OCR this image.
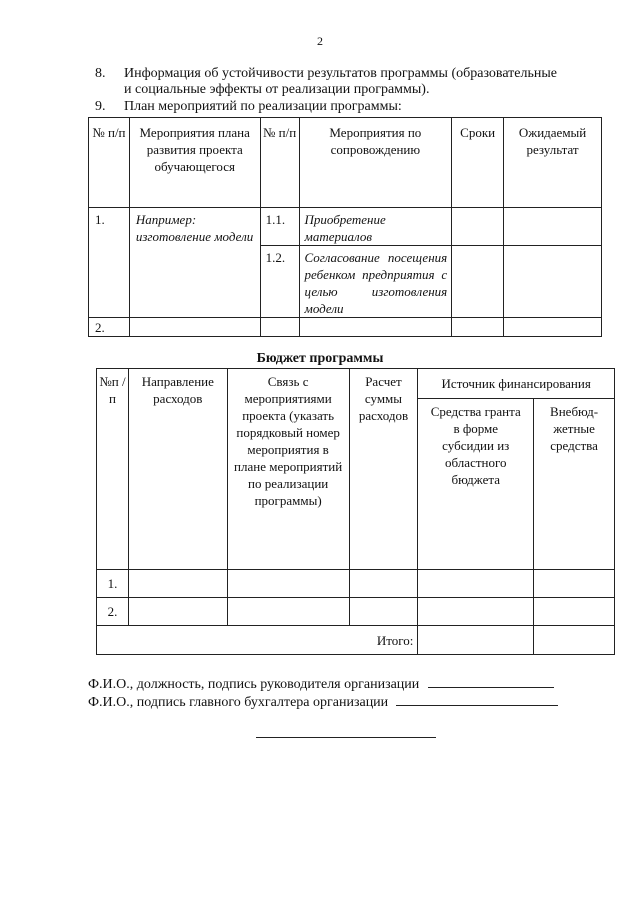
2
8. Информация об устойчивости результатов программы (образовательные
и социальные эффекты от реализации программы).
9. План мероприятий по реализации программы:
№ п/п	Мероприятия плана развития проекта обучающегося	№ п/п	Мероприятия по сопровождению	Сроки	Ожидаемый результат
1.	Например: изготовление модели	1.1.	Приобретение материалов		
		1.2.	Согласование посещения ребенком предприятия с целью изготовления модели		
2.					
Бюджет программы
№п /п	Направление расходов	Связь с мероприятиями проекта (указать порядковый номер мероприятия в плане мероприятий по реализации программы)	Расчет суммы расходов	Источник финансирования	
				Средства гранта в форме субсидии из областного бюджета	Внебюд- жетные средства
1.					
2.					
Итого:					
Ф.И.О., должность, подпись руководителя организации
Ф.И.О., подпись главного бухгалтера организации
